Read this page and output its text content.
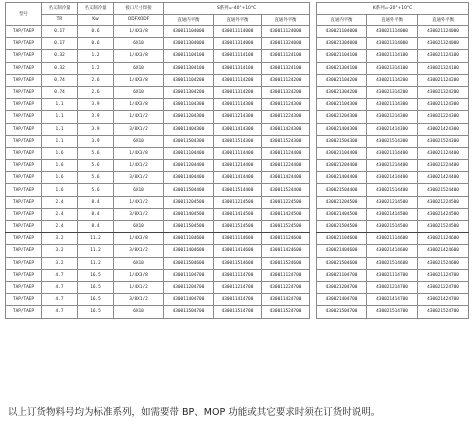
型号	名义制冷量	名义制冷量	接口尺寸焊接	S系列=-40°+10°C				K系列=-20°+10°C		
	TR	Kw	ODFXODF	直通内平衡	直通外平衡	直通外平衡		直通内平衡	直通外平衡	直通外平衡
TAP/TAEP	0.17	0.6	1/4X3/8	430011104000	430011114000	430011124000		430021104000	430021114000	430021124000
TAP/TAEP	0.17	0.6	6X10	430011304000	430011314000	430011324000		430021304000	430021314000	430021324000
TAP/TAEP	0.32	1.2	1/4X3/8	430011104100	430011114100	430011124100		430021104100	430021114100	430021124100
TAP/TAEP	0.32	1.2	6X10	430011304100	430011314100	430011324100		430021304100	430021314100	430021324100
TAP/TAEP	0.74	2.6	1/4X3/8	430011104200	430011114200	430011124200		430021104200	430021114200	430021124200
TAP/TAEP	0.74	2.6	6X10	430011304200	430011314200	430011324200		430021304200	430021314200	430021324200
TAP/TAEP	1.1	3.9	1/4X3/8	430011104300	430011114300	430011124300		430021104300	430021114300	430021124300
TAP/TAEP	1.1	3.9	1/4X1/2	430011204300	430011214300	430011224300		430021204300	430021214300	430021224300
TAP/TAEP	1.1	3.9	3/8X1/2	430011404300	430011414300	430011424300		430021404300	430021414300	430021424300
TAP/TAEP	1.1	3.9	6X10	430011504300	430011514300	430011524300		430021504300	430021514300	430021524300
TAP/TAEP	1.6	5.6	1/4X3/8	430011104400	430011114400	430011124400		430021104400	430021114400	430021124400
TAP/TAEP	1.6	5.6	1/4X1/2	430011204400	430011214400	430011224400		430021204400	430021214400	430021224400
TAP/TAEP	1.6	5.6	3/8X1/2	430011404400	430011414400	430011424400		430021404400	430021414400	430021424400
TAP/TAEP	1.6	5.6	6X10	430011504400	430011514400	430011524400		430021504400	430021514400	430021524400
TAP/TAEP	2.4	8.4	1/4X1/2	430011204500	430011214500	430011224500		430021204500	430021214500	430021224500
TAP/TAEP	2.4	8.4	3/8X1/2	430011404500	430011414500	430011424500		430021404500	430021414500	430021424500
TAP/TAEP	2.4	8.4	6X10	430011504500	430011514500	430011524500		430021504500	430021514500	430021524500
TAP/TAEP	3.2	11.2	1/4X3/8	430011104600	430011114600	430011124600		430021104600	430021114600	430021124600
TAP/TAEP	3.2	11.2	3/8X1/2	430011404600	430011414600	430011424600		430021404600	430021414600	430021424600
TAP/TAEP	3.2	11.2	6X10	430011504600	430011514600	430011524600		430021504600	430021514600	430021524600
TAP/TAEP	4.7	16.5	1/4X3/8	430011104700	430011114700	430011124700		430021104700	430021114700	430021124700
TAP/TAEP	4.7	16.5	1/4X1/2	430011204700	430011214700	430011224700		430021204700	430021214700	430021224700
TAP/TAEP	4.7	16.5	3/8X1/2	430011404700	430011414700	430011424700		430021404700	430021414700	430021424700
TAP/TAEP	4.7	16.5	6X10	430011504700	430011514700	430011524700		430021504700	430021514700	430021524700
以上订货物料号均为标准系列，如需要带 BP、MOP 功能或其它要求时须在订货时说明。
